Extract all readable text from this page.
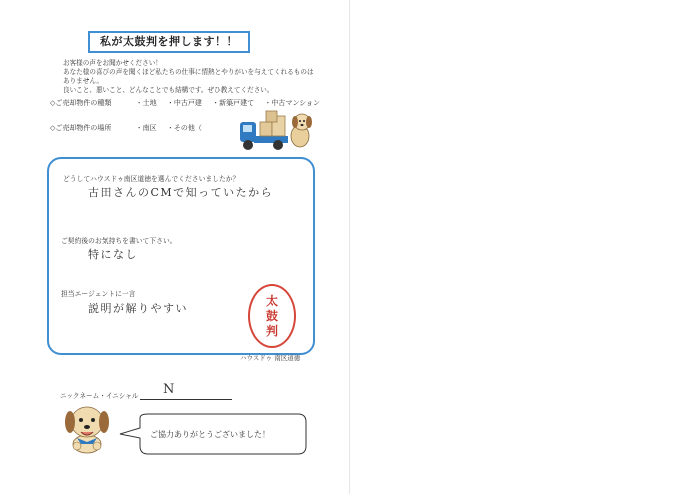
私が太鼓判を押します！！
お客様の声をお聞かせください！
あなた様の喜びの声を聞くほど私たちの仕事に情熱とやりがいを与えてくれるものは
ありません。
良いこと、悪いこと、どんなことでも結構です。ぜひ教えてください。
◇ご売却物件の種類	・土地 ・中古戸建 ・新築戸建て ・中古マンション
◇ご売却物件の場所	・南区 ・その他（
どうしてハウスドゥ南区道徳を選んでくださいましたか？
古田さんのCMで知っていたから
ご契約後のお気持ちを書いて下さい。
特になし
担当エージェントに一言
説明が解りやすい
太
鼓
判
ハウスドゥ 南区道徳
ニックネーム・イニシャル N
ご協力ありがとうございました！
